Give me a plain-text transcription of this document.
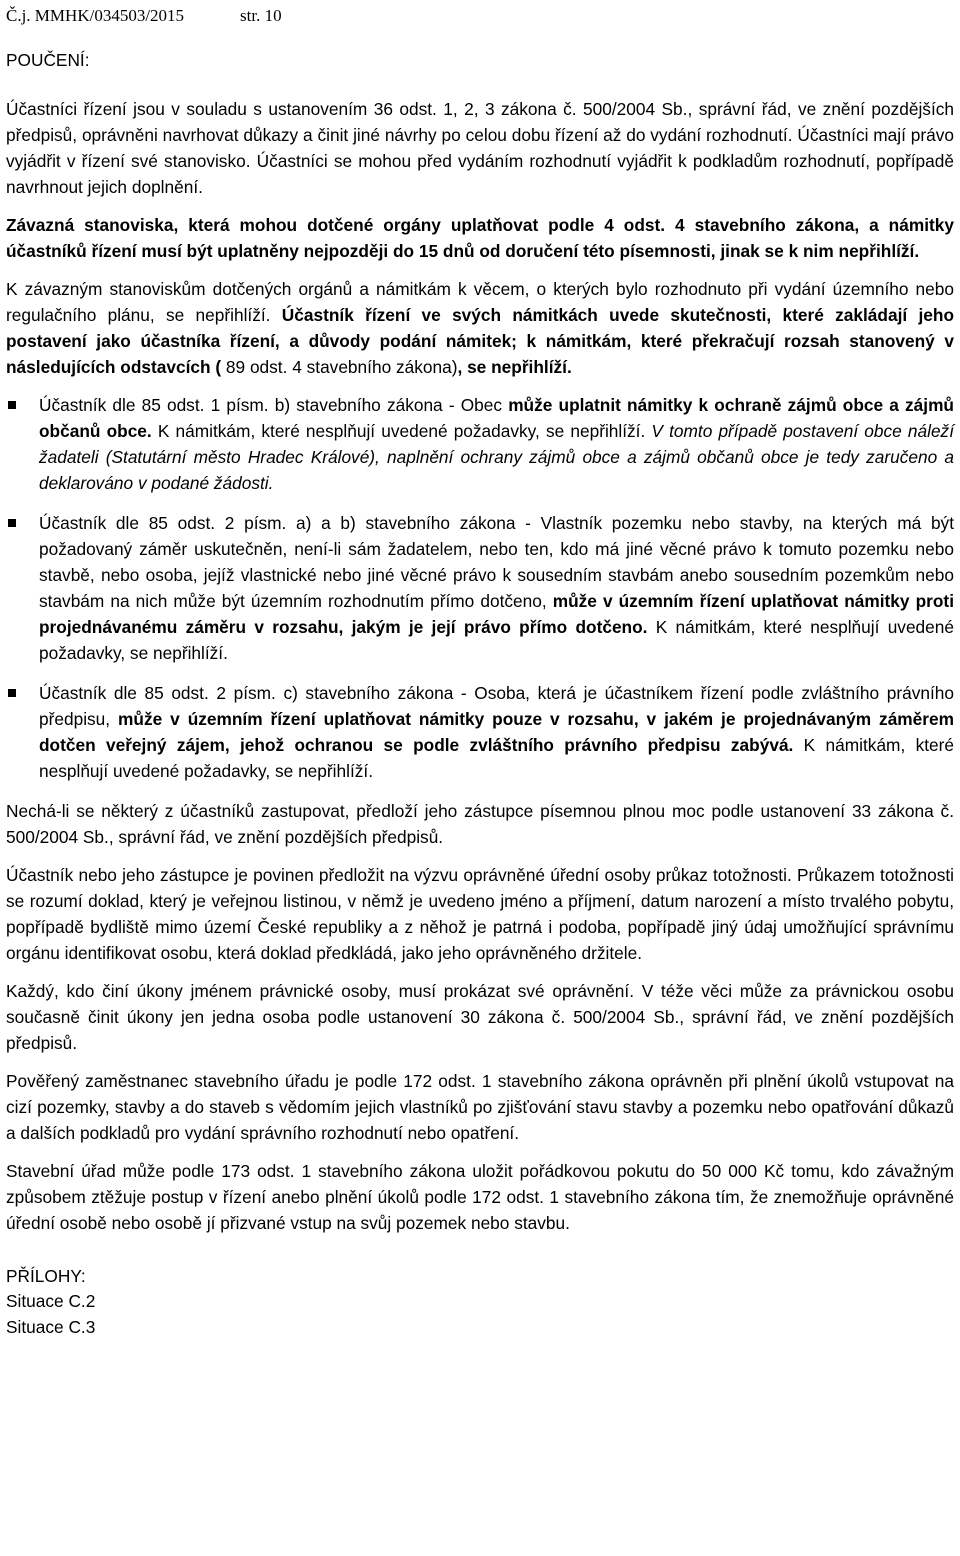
Č.j. MMHK/034503/2015	str. 10
POUČENÍ:

Účastníci řízení jsou v souladu s ustanovením 36 odst. 1, 2, 3 zákona č. 500/2004 Sb., správní řád, ve znění pozdějších předpisů, oprávněni navrhovat důkazy a činit jiné návrhy po celou dobu řízení až do vydání rozhodnutí. Účastníci mají právo vyjádřit v řízení své stanovisko. Účastníci se mohou před vydáním rozhodnutí vyjádřit k podkladům rozhodnutí, popřípadě navrhnout jejich doplnění.

Závazná stanoviska, která mohou dotčené orgány uplatňovat podle 4 odst. 4 stavebního zákona, a námitky účastníků řízení musí být uplatněny nejpozději do 15 dnů od doručení této písemnosti, jinak se k nim nepřihlíží.

K závazným stanoviskům dotčených orgánů a námitkám k věcem, o kterých bylo rozhodnuto při vydání územního nebo regulačního plánu, se nepřihlíží. Účastník řízení ve svých námitkách uvede skutečnosti, které zakládají jeho postavení jako účastníka řízení, a důvody podání námitek; k námitkám, které překračují rozsah stanovený v následujících odstavcích ( 89 odst. 4 stavebního zákona), se nepřihlíží.

Účastník dle 85 odst. 1 písm. b) stavebního zákona - Obec může uplatnit námitky k ochraně zájmů obce a zájmů občanů obce. K námitkám, které nesplňují uvedené požadavky, se nepřihlíží. V tomto případě postavení obce náleží žadateli (Statutární město Hradec Králové), naplnění ochrany zájmů obce a zájmů občanů obce je tedy zaručeno a deklarováno v podané žádosti.
Účastník dle 85 odst. 2 písm. a) a b) stavebního zákona - Vlastník pozemku nebo stavby, na kterých má být požadovaný záměr uskutečněn, není-li sám žadatelem, nebo ten, kdo má jiné věcné právo k tomuto pozemku nebo stavbě, nebo osoba, jejíž vlastnické nebo jiné věcné právo k sousedním stavbám anebo sousedním pozemkům nebo stavbám na nich může být územním rozhodnutím přímo dotčeno, může v územním řízení uplatňovat námitky proti projednávanému záměru v rozsahu, jakým je její právo přímo dotčeno. K námitkám, které nesplňují uvedené požadavky, se nepřihlíží.
Účastník dle 85 odst. 2 písm. c) stavebního zákona - Osoba, která je účastníkem řízení podle zvláštního právního předpisu, může v územním řízení uplatňovat námitky pouze v rozsahu, v jakém je projednávaným záměrem dotčen veřejný zájem, jehož ochranou se podle zvláštního právního předpisu zabývá. K námitkám, které nesplňují uvedené požadavky, se nepřihlíží.

Nechá-li se některý z účastníků zastupovat, předloží jeho zástupce písemnou plnou moc podle ustanovení 33 zákona č. 500/2004 Sb., správní řád, ve znění pozdějších předpisů.

Účastník nebo jeho zástupce je povinen předložit na výzvu oprávněné úřední osoby průkaz totožnosti. Průkazem totožnosti se rozumí doklad, který je veřejnou listinou, v němž je uvedeno jméno a příjmení, datum narození a místo trvalého pobytu, popřípadě bydliště mimo území České republiky a z něhož je patrná i podoba, popřípadě jiný údaj umožňující správnímu orgánu identifikovat osobu, která doklad předkládá, jako jeho oprávněného držitele.

Každý, kdo činí úkony jménem právnické osoby, musí prokázat své oprávnění. V téže věci může za právnickou osobu současně činit úkony jen jedna osoba podle ustanovení 30 zákona č. 500/2004 Sb., správní řád, ve znění pozdějších předpisů.

Pověřený zaměstnanec stavebního úřadu je podle 172 odst. 1 stavebního zákona oprávněn při plnění úkolů vstupovat na cizí pozemky, stavby a do staveb s vědomím jejich vlastníků po zjišťování stavu stavby a pozemku nebo opatřování důkazů a dalších podkladů pro vydání správního rozhodnutí nebo opatření.

Stavební úřad může podle 173 odst. 1 stavebního zákona uložit pořádkovou pokutu do 50 000 Kč tomu, kdo závažným způsobem ztěžuje postup v řízení anebo plnění úkolů podle 172 odst. 1 stavebního zákona tím, že znemožňuje oprávněné úřední osobě nebo osobě jí přizvané vstup na svůj pozemek nebo stavbu.

PŘÍLOHY:
Situace C.2
Situace C.3
